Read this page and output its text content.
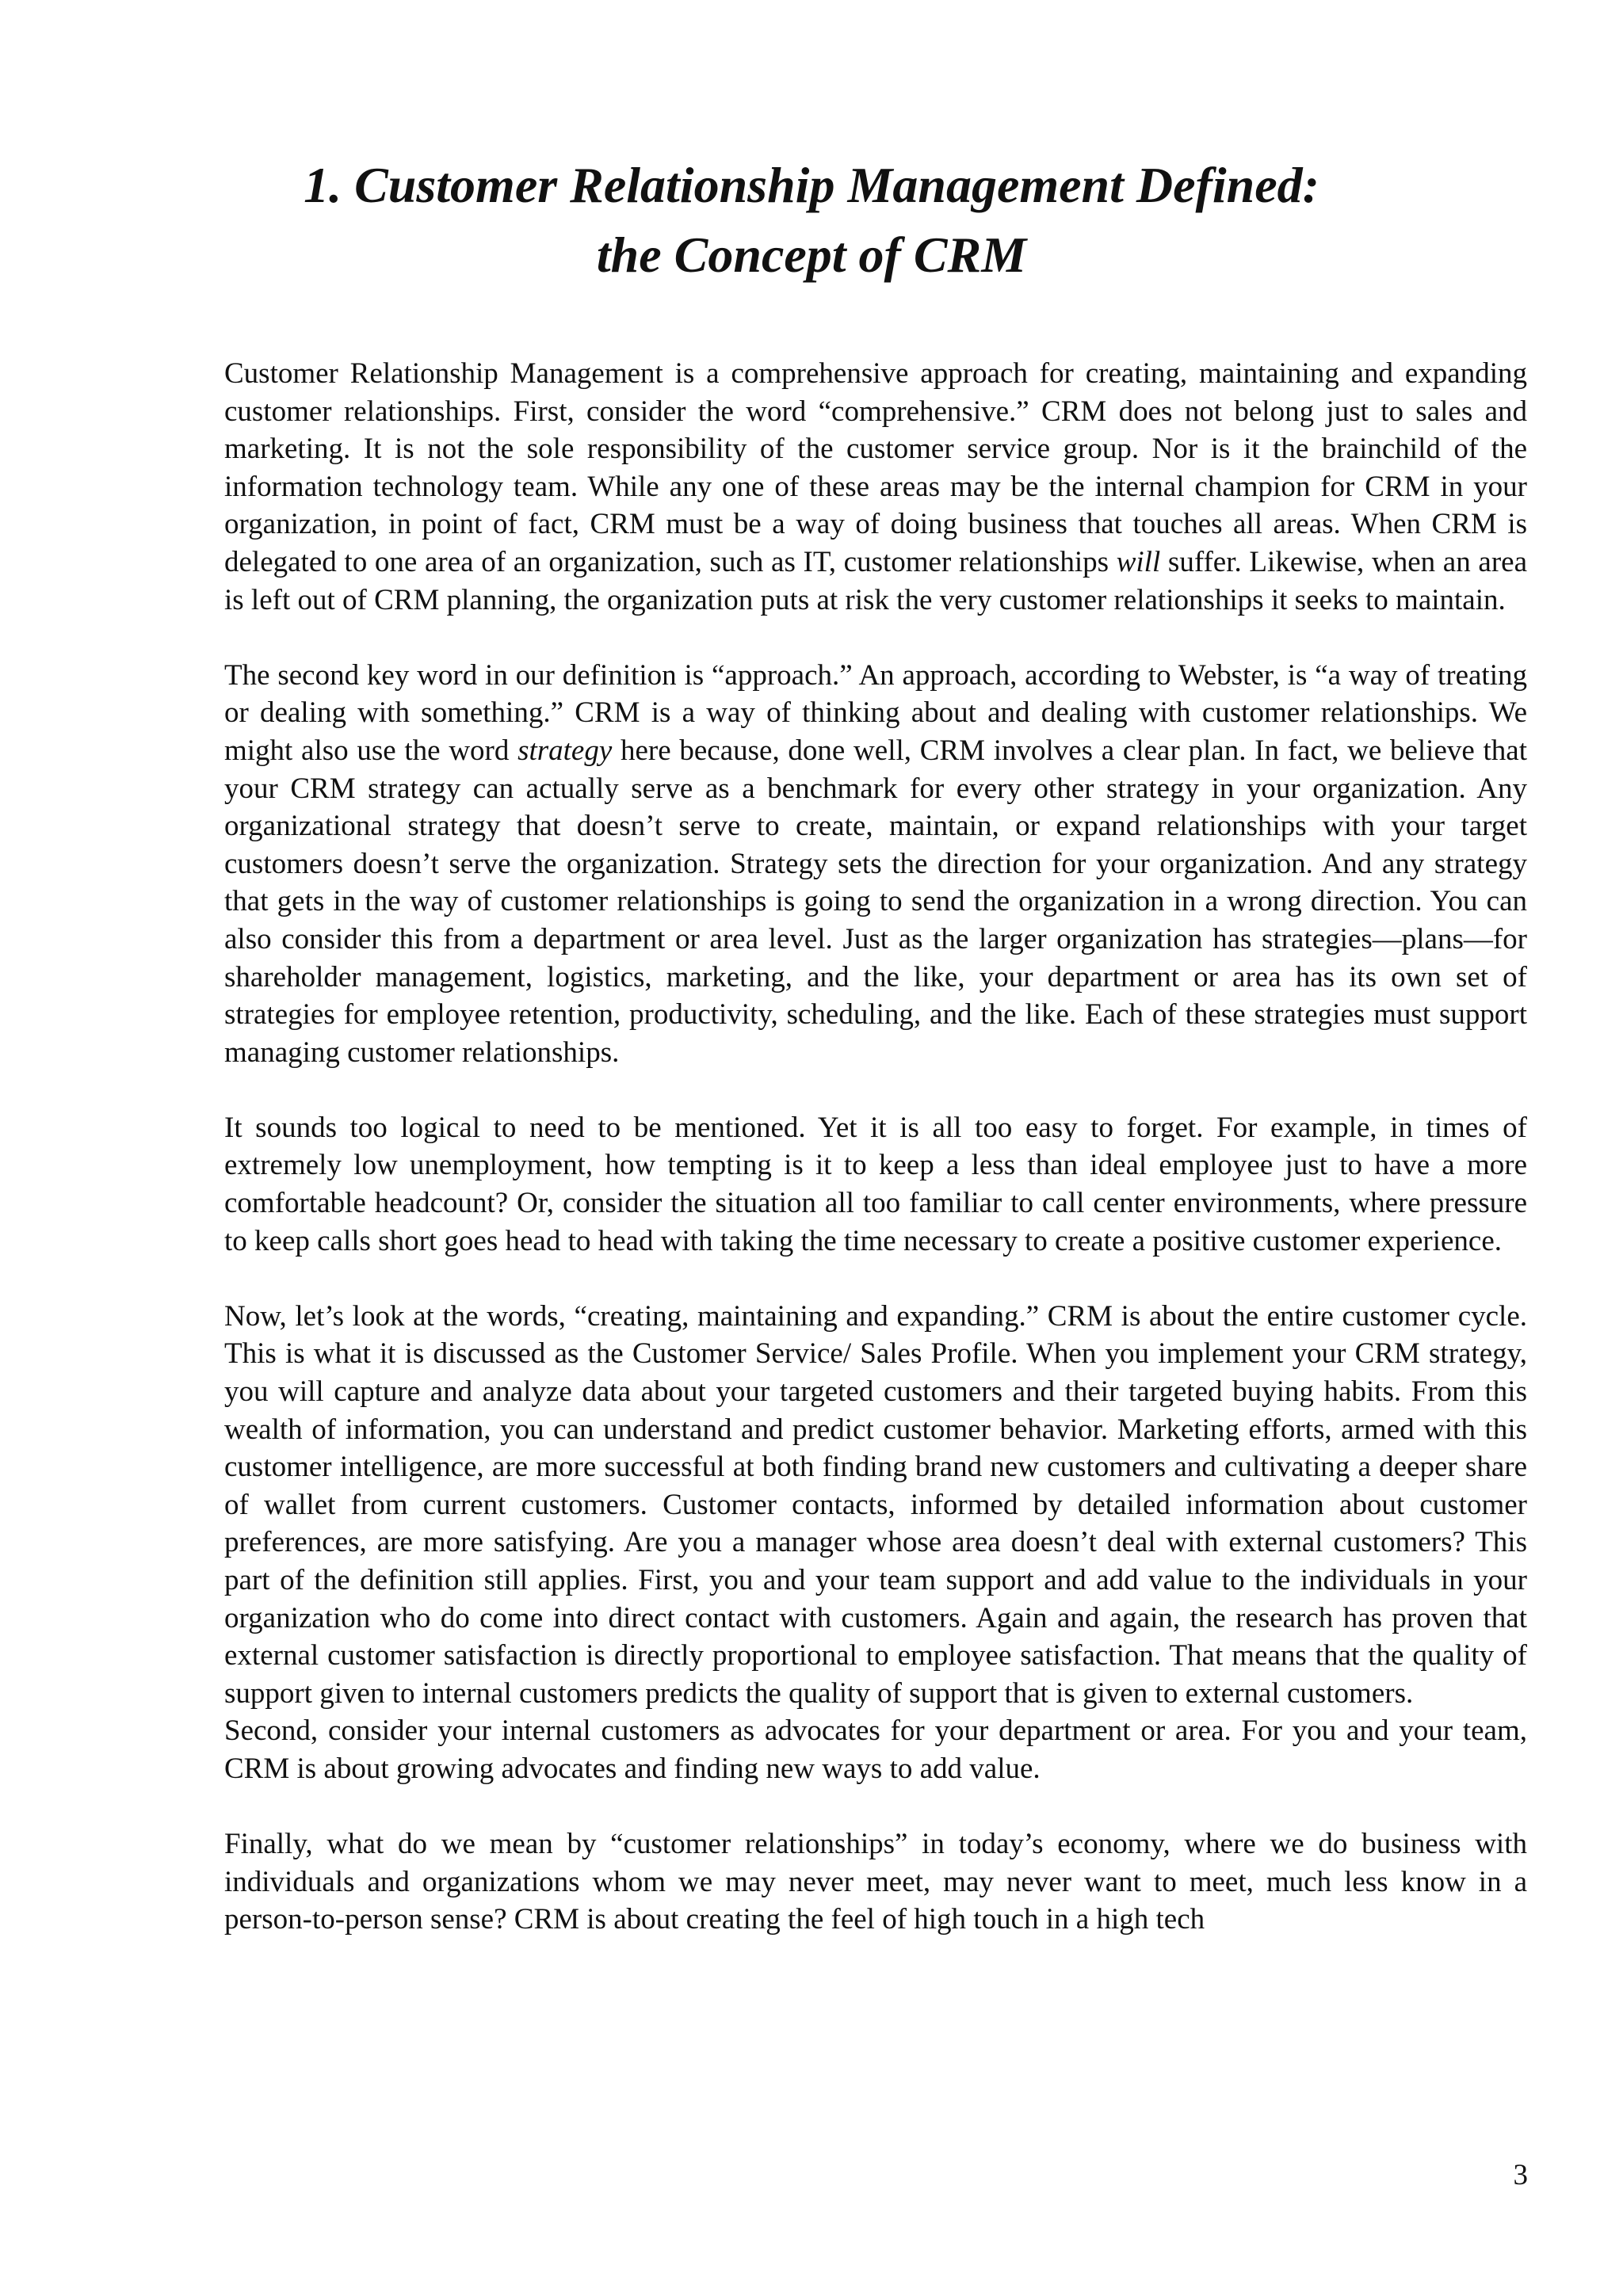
1. Customer Relationship Management Defined:
the Concept of CRM

Customer Relationship Management is a comprehensive approach for creating, maintaining and expanding customer relationships. First, consider the word “comprehensive.” CRM does not belong just to sales and marketing. It is not the sole responsibility of the customer service group. Nor is it the brainchild of the information technology team. While any one of these areas may be the internal champion for CRM in your organization, in point of fact, CRM must be a way of doing business that touches all areas. When CRM is delegated to one area of an organization, such as IT, customer relationships will suffer. Likewise, when an area is left out of CRM planning, the organization puts at risk the very customer relationships it seeks to maintain.

The second key word in our definition is “approach.” An approach, according to Webster, is “a way of treating or dealing with something.” CRM is a way of thinking about and dealing with customer relationships. We might also use the word strategy here because, done well, CRM involves a clear plan. In fact, we believe that your CRM strategy can actually serve as a benchmark for every other strategy in your organization. Any organizational strategy that doesn’t serve to create, maintain, or expand relationships with your target customers doesn’t serve the organization. Strategy sets the direction for your organization. And any strategy that gets in the way of customer relationships is going to send the organization in a wrong direction. You can also consider this from a department or area level. Just as the larger organization has strategies—plans—for shareholder management, logistics, marketing, and the like, your department or area has its own set of strategies for employee retention, productivity, scheduling, and the like. Each of these strategies must support managing customer relationships.

It sounds too logical to need to be mentioned. Yet it is all too easy to forget. For example, in times of extremely low unemployment, how tempting is it to keep a less than ideal employee just to have a more comfortable headcount? Or, consider the situation all too familiar to call center environments, where pressure to keep calls short goes head to head with taking the time necessary to create a positive customer experience.

Now, let’s look at the words, “creating, maintaining and expanding.” CRM is about the entire customer cycle. This is what it is discussed as the Customer Service/ Sales Profile. When you implement your CRM strategy, you will capture and analyze data about your targeted customers and their targeted buying habits. From this wealth of information, you can understand and predict customer behavior. Marketing efforts, armed with this customer intelligence, are more successful at both finding brand new customers and cultivating a deeper share of wallet from current customers. Customer contacts, informed by detailed information about customer preferences, are more satisfying. Are you a manager whose area doesn’t deal with external customers? This part of the definition still applies. First, you and your team support and add value to the individuals in your organization who do come into direct contact with customers. Again and again, the research has proven that external customer satisfaction is directly proportional to employee satisfaction. That means that the quality of support given to internal customers predicts the quality of support that is given to external customers.

Second, consider your internal customers as advocates for your department or area. For you and your team, CRM is about growing advocates and finding new ways to add value.

Finally, what do we mean by “customer relationships” in today’s economy, where we do business with individuals and organizations whom we may never meet, may never want to meet, much less know in a person-to-person sense? CRM is about creating the feel of high touch in a high tech

3
